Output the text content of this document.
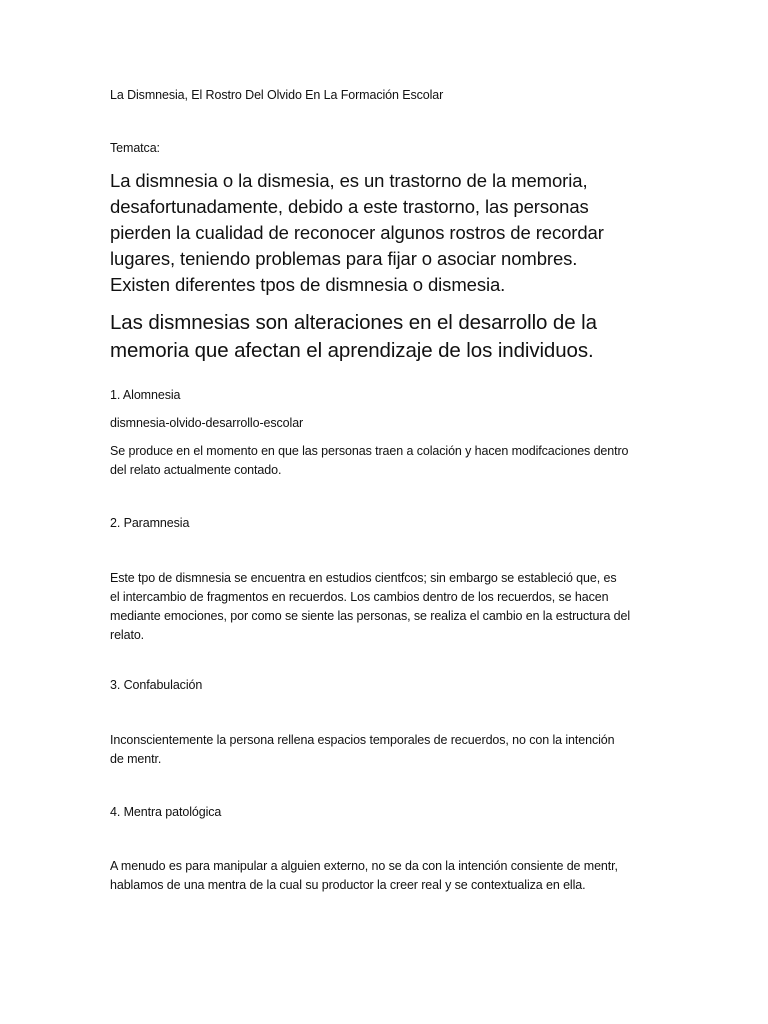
La Dismnesia, El Rostro Del Olvido En La Formación Escolar

Tematca:

La dismnesia o la dismesia, es un trastorno de la memoria,
desafortunadamente, debido a este trastorno, las personas
pierden la cualidad de reconocer algunos rostros de recordar
lugares, teniendo problemas para fijar o asociar nombres.
Existen diferentes tpos de dismnesia o dismesia.
Las dismnesias son alteraciones en el desarrollo de la
memoria que afectan el aprendizaje de los individuos.

1. Alomnesia

dismnesia-olvido-desarrollo-escolar

Se produce en el momento en que las personas traen a colación y hacen modifcaciones dentro
del relato actualmente contado.

2. Paramnesia

Este tpo de dismnesia se encuentra en estudios cientfcos; sin embargo se estableció que, es
el intercambio de fragmentos en recuerdos. Los cambios dentro de los recuerdos, se hacen
mediante emociones, por como se siente las personas, se realiza el cambio en la estructura del
relato.

3. Confabulación

Inconscientemente la persona rellena espacios temporales de recuerdos, no con la intención
de mentr.

4. Mentra patológica

A menudo es para manipular a alguien externo, no se da con la intención consiente de mentr,
hablamos de una mentra de la cual su productor la creer real y se contextualiza en ella.
